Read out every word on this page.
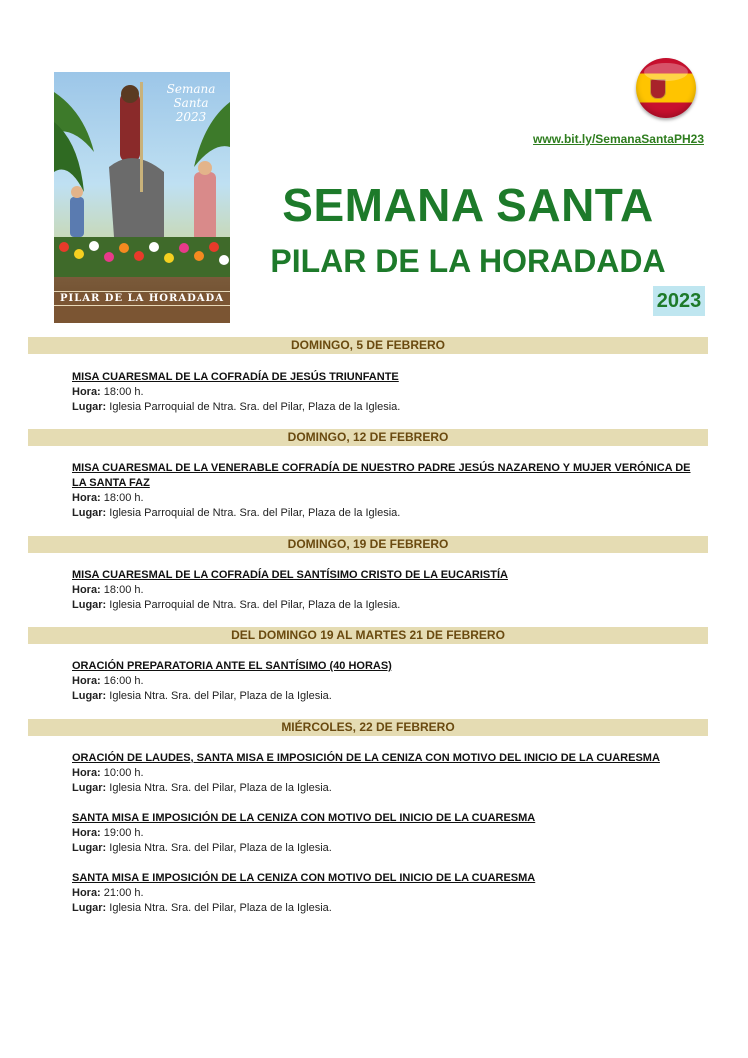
Semana
Santa
2023
PILAR DE LA HORADADA
www.bit.ly/SemanaSantaPH23
SEMANA SANTA
PILAR DE LA HORADADA
2023
DOMINGO, 5 DE FEBRERO
MISA CUARESMAL DE LA COFRADÍA DE JESÚS TRIUNFANTE
Hora: 18:00 h.
Lugar: Iglesia Parroquial de Ntra. Sra. del Pilar, Plaza de la Iglesia.
DOMINGO, 12 DE FEBRERO
MISA CUARESMAL DE LA VENERABLE COFRADÍA DE NUESTRO PADRE JESÚS NAZARENO Y MUJER VERÓNICA DE LA SANTA FAZ
Hora: 18:00 h.
Lugar: Iglesia Parroquial de Ntra. Sra. del Pilar, Plaza de la Iglesia.
DOMINGO, 19 DE FEBRERO
MISA CUARESMAL DE LA COFRADÍA DEL SANTÍSIMO CRISTO DE LA EUCARISTÍA
Hora: 18:00 h.
Lugar: Iglesia Parroquial de Ntra. Sra. del Pilar, Plaza de la Iglesia.
DEL DOMINGO 19 AL MARTES 21 DE FEBRERO
ORACIÓN PREPARATORIA ANTE EL SANTÍSIMO (40 HORAS)
Hora: 16:00 h.
Lugar: Iglesia Ntra. Sra. del Pilar, Plaza de la Iglesia.
MIÉRCOLES, 22 DE FEBRERO
ORACIÓN DE LAUDES, SANTA MISA E IMPOSICIÓN DE LA CENIZA CON MOTIVO DEL INICIO DE LA CUARESMA
Hora: 10:00 h.
Lugar: Iglesia Ntra. Sra. del Pilar, Plaza de la Iglesia.
SANTA MISA E IMPOSICIÓN DE LA CENIZA CON MOTIVO DEL INICIO DE LA CUARESMA
Hora: 19:00 h.
Lugar: Iglesia Ntra. Sra. del Pilar, Plaza de la Iglesia.
SANTA MISA E IMPOSICIÓN DE LA CENIZA CON MOTIVO DEL INICIO DE LA CUARESMA
Hora: 21:00 h.
Lugar: Iglesia Ntra. Sra. del Pilar, Plaza de la Iglesia.
